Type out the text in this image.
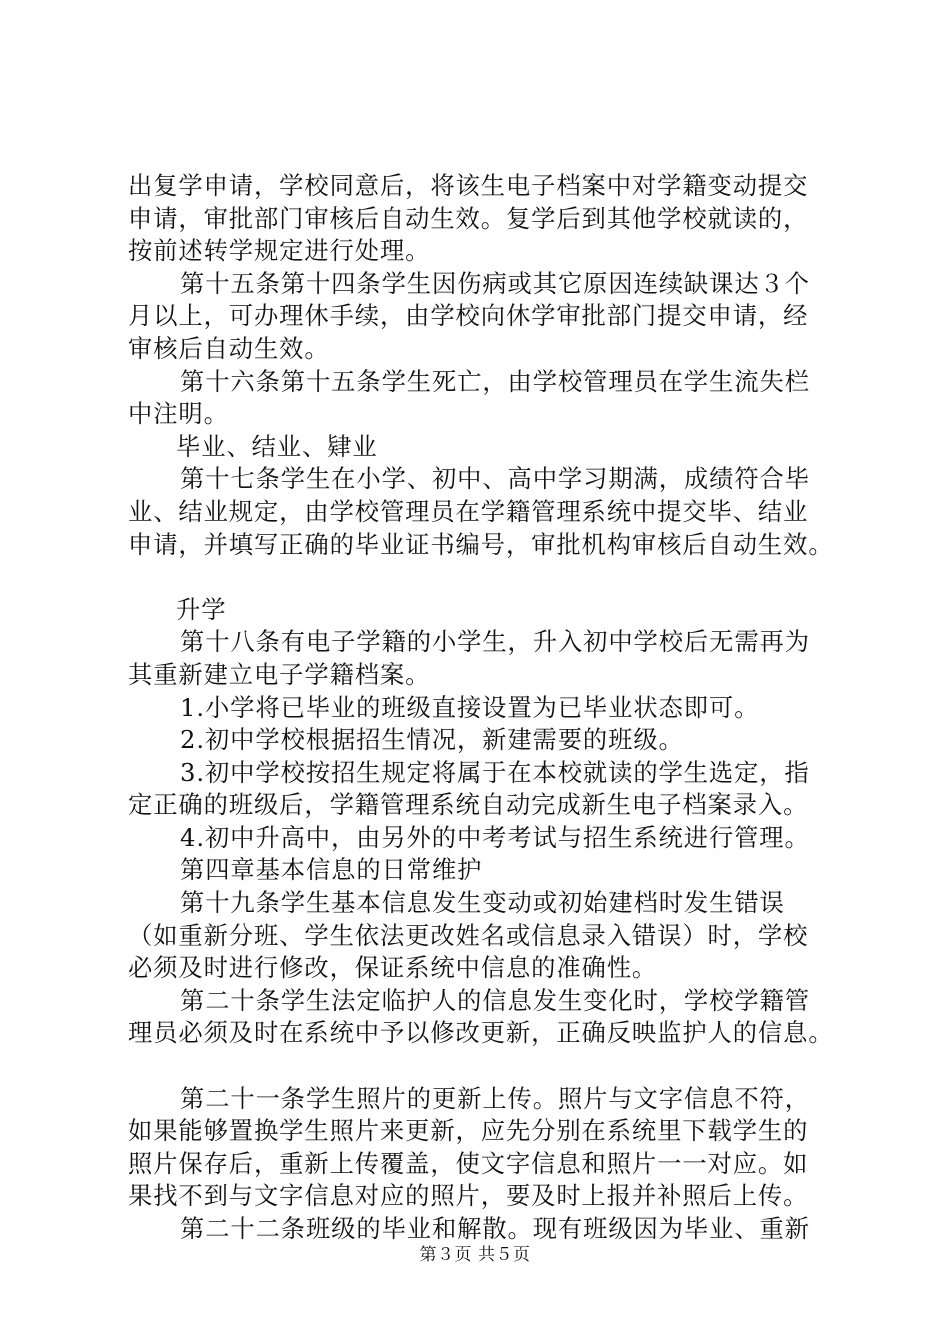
出复学申请，学校同意后，将该生电子档案中对学籍变动提交
申请，审批部门审核后自动生效。复学后到其他学校就读的，
按前述转学规定进行处理。
第十五条第十四条学生因伤病或其它原因连续缺课达３个
月以上，可办理休手续，由学校向休学审批部门提交申请，经
审核后自动生效。
第十六条第十五条学生死亡，由学校管理员在学生流失栏
中注明。
毕业、结业、肄业
第十七条学生在小学、初中、高中学习期满，成绩符合毕
业、结业规定，由学校管理员在学籍管理系统中提交毕、结业
申请，并填写正确的毕业证书编号，审批机构审核后自动生效。
升学
第十八条有电子学籍的小学生，升入初中学校后无需再为
其重新建立电子学籍档案。
1.小学将已毕业的班级直接设置为已毕业状态即可。
2.初中学校根据招生情况，新建需要的班级。
3.初中学校按招生规定将属于在本校就读的学生选定，指
定正确的班级后，学籍管理系统自动完成新生电子档案录入。
4.初中升高中，由另外的中考考试与招生系统进行管理。
第四章基本信息的日常维护
第十九条学生基本信息发生变动或初始建档时发生错误
（如重新分班、学生依法更改姓名或信息录入错误）时，学校
必须及时进行修改，保证系统中信息的准确性。
第二十条学生法定临护人的信息发生变化时，学校学籍管
理员必须及时在系统中予以修改更新，正确反映监护人的信息。
第二十一条学生照片的更新上传。照片与文字信息不符，
如果能够置换学生照片来更新，应先分别在系统里下载学生的
照片保存后，重新上传覆盖，使文字信息和照片一一对应。如
果找不到与文字信息对应的照片，要及时上报并补照后上传。
第二十二条班级的毕业和解散。现有班级因为毕业、重新
第３页 共５页
